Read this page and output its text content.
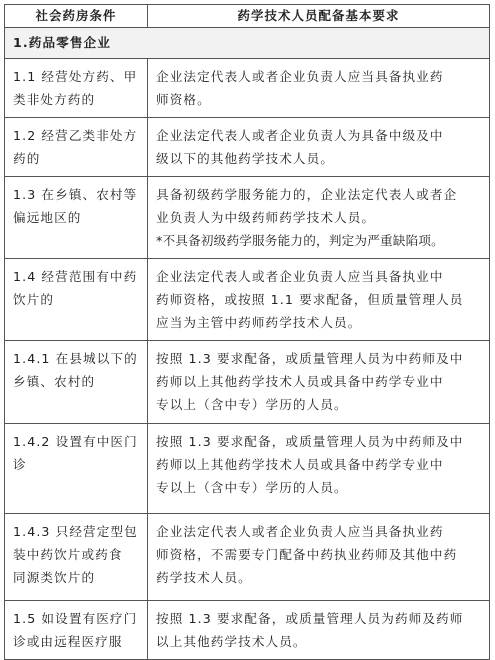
社会药房条件	药学技术人员配备基本要求
1.药品零售企业	

1.1 经营处方药、甲
类非处方药的	企业法定代表人或者企业负责人应当具备执业药
师资格。

1.2 经营乙类非处方
药的	企业法定代表人或者企业负责人为具备中级及中
级以下的其他药学技术人员。

1.3 在乡镇、农村等
偏远地区的	具备初级药学服务能力的，企业法定代表人或者企
业负责人为中级药师药学技术人员。
*不具备初级药学服务能力的，判定为严重缺陷项。

1.4 经营范围有中药
饮片的	企业法定代表人或者企业负责人应当具备执业中
药师资格，或按照 1.1 要求配备，但质量管理人员
应当为主管中药师药学技术人员。

1.4.1 在县城以下的
乡镇、农村的	按照 1.3 要求配备，或质量管理人员为中药师及中
药师以上其他药学技术人员或具备中药学专业中
专以上（含中专）学历的人员。

1.4.2 设置有中医门
诊	按照 1.3 要求配备，或质量管理人员为中药师及中
药师以上其他药学技术人员或具备中药学专业中
专以上（含中专）学历的人员。

1.4.3 只经营定型包
装中药饮片或药食
同源类饮片的	企业法定代表人或者企业负责人应当具备执业药
师资格，不需要专门配备中药执业药师及其他中药
药学技术人员。

1.5 如设置有医疗门
诊或由远程医疗服	按照 1.3 要求配备，或质量管理人员为药师及药师
以上其他药学技术人员。
